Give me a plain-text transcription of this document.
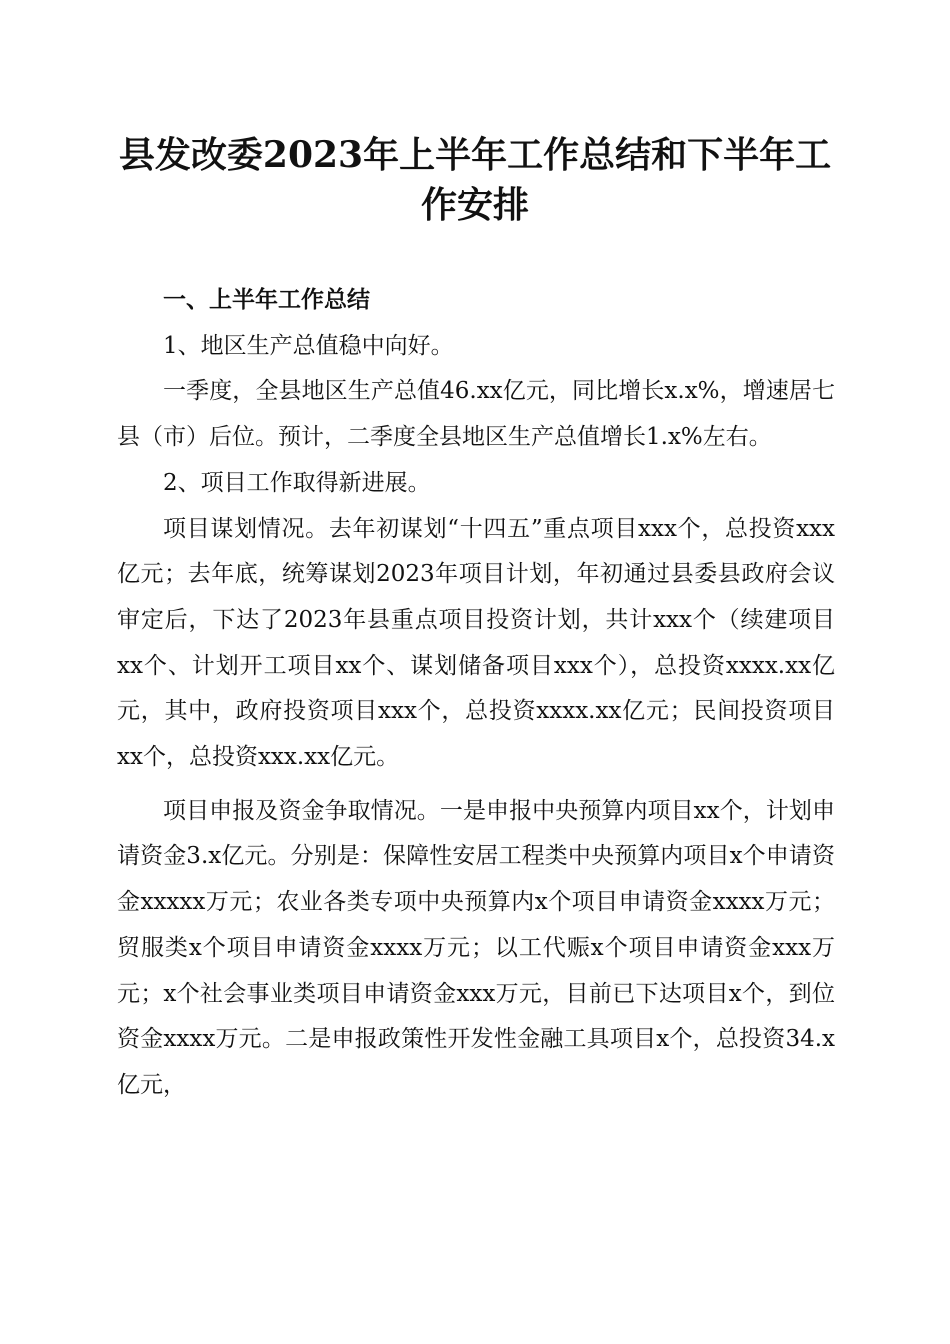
县发改委2023年上半年工作总结和下半年工作安排

一、上半年工作总结

1、地区生产总值稳中向好。

一季度，全县地区生产总值46.xx亿元，同比增长x.x%，增速居七县（市）后位。预计，二季度全县地区生产总值增长1.x%左右。

2、项目工作取得新进展。

项目谋划情况。去年初谋划“十四五”重点项目xxx个，总投资xxx亿元；去年底，统筹谋划2023年项目计划，年初通过县委县政府会议审定后，下达了2023年县重点项目投资计划，共计xxx个（续建项目xx个、计划开工项目xx个、谋划储备项目xxx个），总投资xxxx.xx亿元，其中，政府投资项目xxx个，总投资xxxx.xx亿元；民间投资项目xx个，总投资xxx.xx亿元。

项目申报及资金争取情况。一是申报中央预算内项目xx个，计划申请资金3.x亿元。分别是：保障性安居工程类中央预算内项目x个申请资金xxxxx万元；农业各类专项中央预算内x个项目申请资金xxxx万元；贸服类x个项目申请资金xxxx万元；以工代赈x个项目申请资金xxx万元；x个社会事业类项目申请资金xxx万元，目前已下达项目x个，到位资金xxxx万元。二是申报政策性开发性金融工具项目x个，总投资34.x亿元，
